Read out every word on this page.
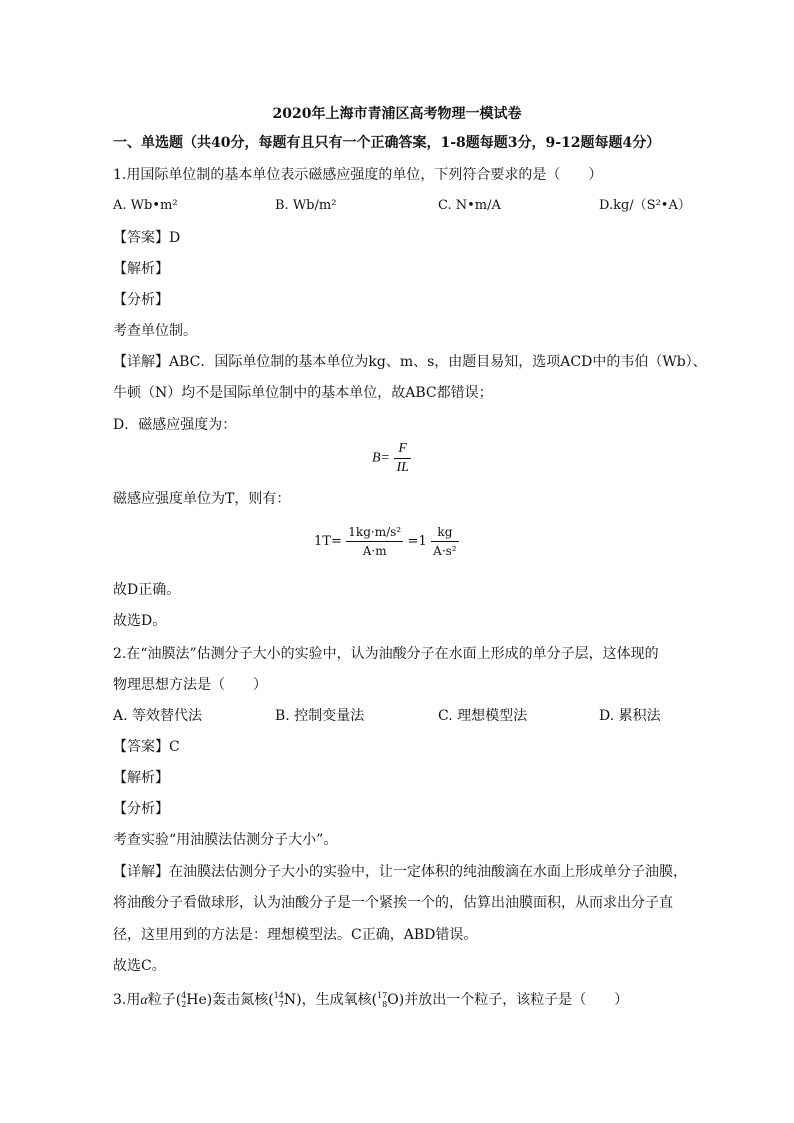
2020年上海市青浦区高考物理一模试卷
一、单选题（共40分，每题有且只有一个正确答案，1-8题每题3分，9-12题每题4分）
1.用国际单位制的基本单位表示磁感应强度的单位，下列符合要求的是（　　）
A. Wb•m²	B. Wb/m²	C. N•m/A	D.kg/（S²•A）
【答案】D
【解析】
【分析】
考查单位制。
【详解】ABC．国际单位制的基本单位为kg、m、s，由题目易知，选项ACD中的韦伯（Wb）、
牛顿（N）均不是国际单位制中的基本单位，故ABC都错误；
D．磁感应强度为：
$B= \frac{F}{IL}$
磁感应强度单位为T，则有：
$1T= \frac{\text{1kg·m/s²}}{A\cdot m} =1 \frac{kg}{\text{A·s²}}$
故D正确。
故选D。
2.在“油膜法”估测分子大小的实验中，认为油酸分子在水面上形成的单分子层，这体现的
物理思想方法是（　　）
A. 等效替代法	B. 控制变量法	C. 理想模型法	D. 累积法
【答案】C
【解析】
【分析】
考查实验“用油膜法估测分子大小”。
【详解】在油膜法估测分子大小的实验中，让一定体积的纯油酸滴在水面上形成单分子油膜，
将油酸分子看做球形，认为油酸分子是一个紧挨一个的，估算出油膜面积，从而求出分子直
径，这里用到的方法是：理想模型法。C正确，ABD错误。
故选C。
3.用α粒子( 4
2 He)轰击氮核( 14
7 N)，生成氧核( 17
8 O)并放出一个粒子，该粒子是（　　）
